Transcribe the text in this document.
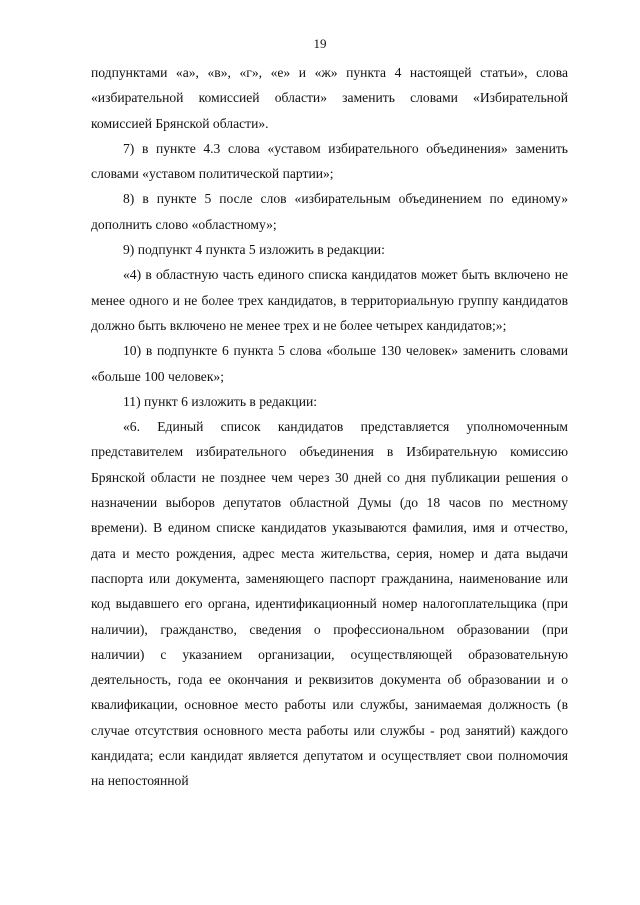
19

подпунктами «а», «в», «г», «е» и «ж» пункта 4 настоящей статьи», слова «избирательной комиссией области» заменить словами «Избирательной комиссией Брянской области».

7) в пункте 4.3 слова «уставом избирательного объединения» заменить словами «уставом политической партии»;

8) в пункте 5 после слов «избирательным объединением по единому» дополнить слово «областному»;

9) подпункт 4 пункта 5 изложить в редакции:

«4) в областную часть единого списка кандидатов может быть включено не менее одного и не более трех кандидатов, в территориальную группу кандидатов должно быть включено не менее трех и не более четырех кандидатов;»;

10) в подпункте 6 пункта 5 слова «больше 130 человек» заменить словами «больше 100 человек»;

11) пункт 6 изложить в редакции:

«6. Единый список кандидатов представляется уполномоченным представителем избирательного объединения в Избирательную комиссию Брянской области не позднее чем через 30 дней со дня публикации решения о назначении выборов депутатов областной Думы (до 18 часов по местному времени). В едином списке кандидатов указываются фамилия, имя и отчество, дата и место рождения, адрес места жительства, серия, номер и дата выдачи паспорта или документа, заменяющего паспорт гражданина, наименование или код выдавшего его органа, идентификационный номер налогоплательщика (при наличии), гражданство, сведения о профессиональном образовании (при наличии) с указанием организации, осуществляющей образовательную деятельность, года ее окончания и реквизитов документа об образовании и о квалификации, основное место работы или службы, занимаемая должность (в случае отсутствия основного места работы или службы - род занятий) каждого кандидата; если кандидат является депутатом и осуществляет свои полномочия на непостоянной
